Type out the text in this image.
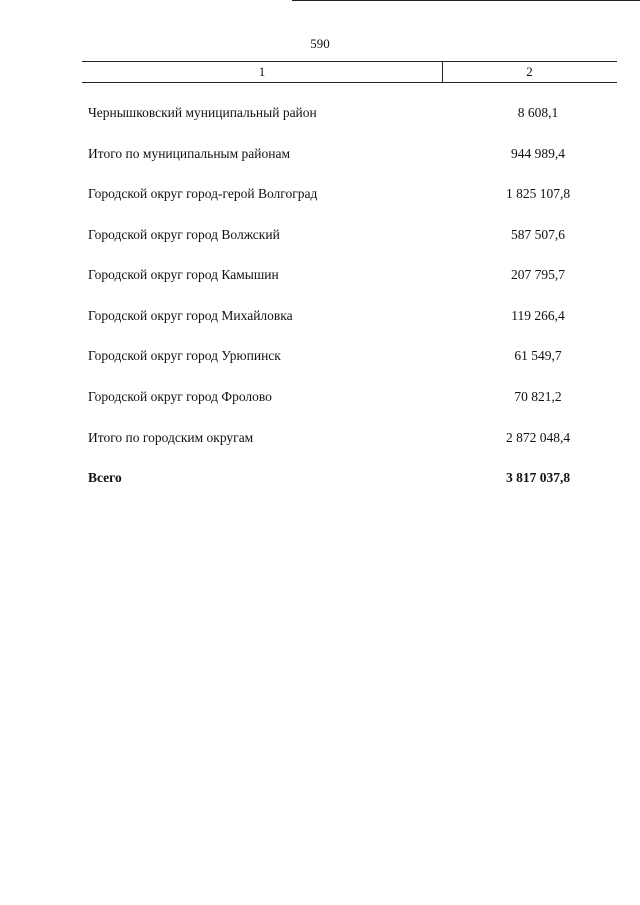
590
1	2
Чернышковский муниципальный район	8 608,1
Итого по муниципальным районам	944 989,4
Городской округ город-герой Волгоград	1 825 107,8
Городской округ город Волжский	587 507,6
Городской округ город Камышин	207 795,7
Городской округ город Михайловка	119 266,4
Городской округ город Урюпинск	61 549,7
Городской округ город Фролово	70 821,2
Итого по городским округам	2 872 048,4
Всего	3 817 037,8
